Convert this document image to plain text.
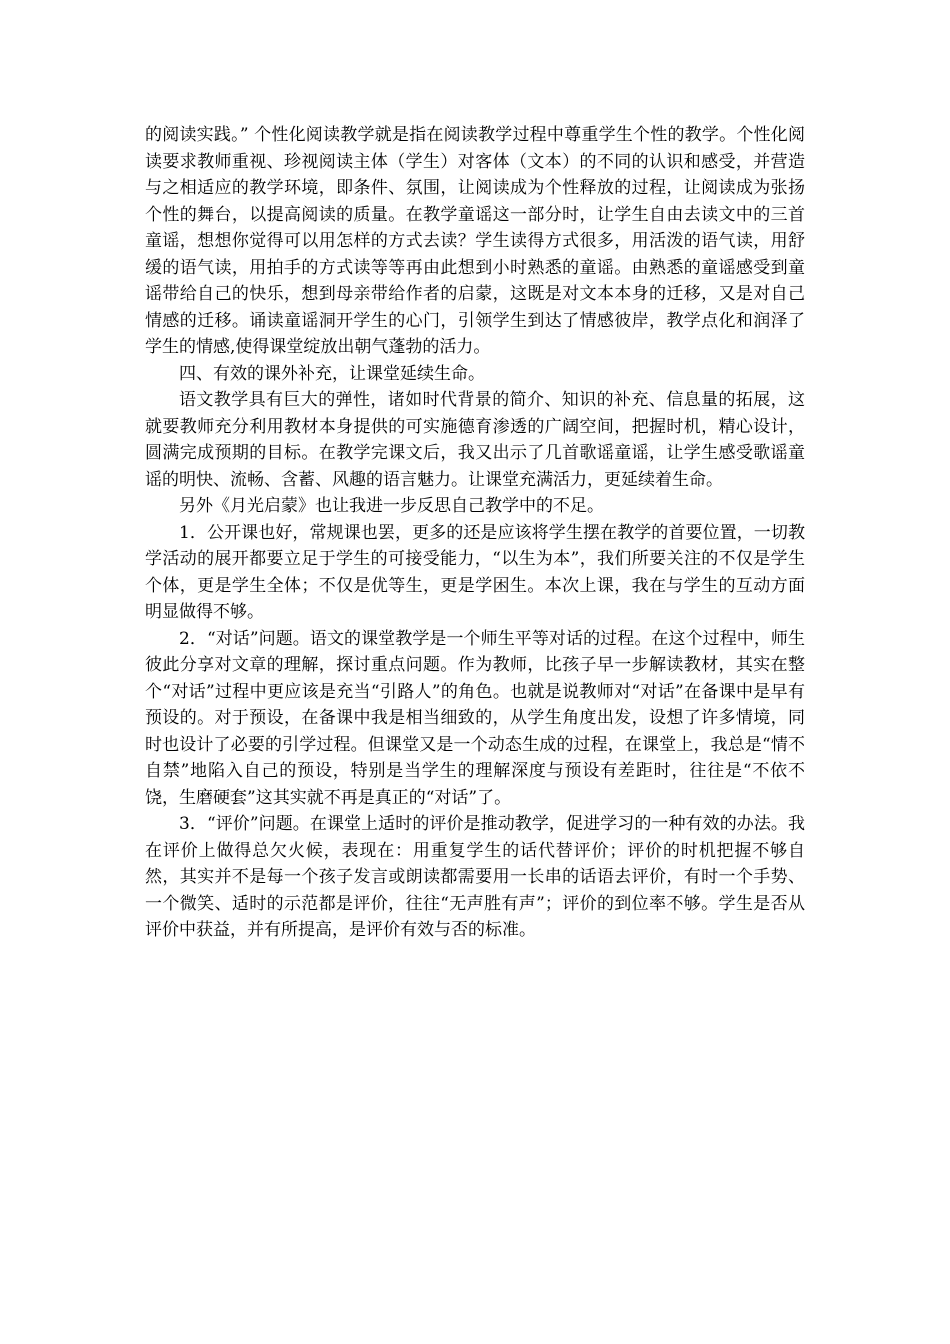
的阅读实践。” 个性化阅读教学就是指在阅读教学过程中尊重学生个性的教学。个性化阅读要求教师重视、珍视阅读主体（学生）对客体（文本）的不同的认识和感受，并营造与之相适应的教学环境，即条件、氛围，让阅读成为个性释放的过程，让阅读成为张扬个性的舞台，以提高阅读的质量。在教学童谣这一部分时，让学生自由去读文中的三首童谣，想想你觉得可以用怎样的方式去读？学生读得方式很多，用活泼的语气读，用舒缓的语气读，用拍手的方式读等等再由此想到小时熟悉的童谣。由熟悉的童谣感受到童谣带给自己的快乐，想到母亲带给作者的启蒙，这既是对文本本身的迁移，又是对自己情感的迁移。诵读童谣洞开学生的心门，引领学生到达了情感彼岸，教学点化和润泽了学生的情感,使得课堂绽放出朝气蓬勃的活力。

四、有效的课外补充，让课堂延续生命。

语文教学具有巨大的弹性，诸如时代背景的简介、知识的补充、信息量的拓展，这就要教师充分利用教材本身提供的可实施德育渗透的广阔空间，把握时机，精心设计，圆满完成预期的目标。在教学完课文后，我又出示了几首歌谣童谣，让学生感受歌谣童谣的明快、流畅、含蓄、风趣的语言魅力。让课堂充满活力，更延续着生命。

另外《月光启蒙》也让我进一步反思自己教学中的不足。

1．公开课也好，常规课也罢，更多的还是应该将学生摆在教学的首要位置，一切教学活动的展开都要立足于学生的可接受能力，“以生为本”，我们所要关注的不仅是学生个体，更是学生全体；不仅是优等生，更是学困生。本次上课，我在与学生的互动方面明显做得不够。

2．“对话”问题。语文的课堂教学是一个师生平等对话的过程。在这个过程中，师生彼此分享对文章的理解，探讨重点问题。作为教师，比孩子早一步解读教材，其实在整个“对话”过程中更应该是充当“引路人”的角色。也就是说教师对“对话”在备课中是早有预设的。对于预设，在备课中我是相当细致的，从学生角度出发，设想了许多情境，同时也设计了必要的引学过程。但课堂又是一个动态生成的过程，在课堂上，我总是“情不自禁”地陷入自己的预设，特别是当学生的理解深度与预设有差距时，往往是“不依不饶，生磨硬套”这其实就不再是真正的“对话”了。

3．“评价”问题。在课堂上适时的评价是推动教学，促进学习的一种有效的办法。我在评价上做得总欠火候，表现在：用重复学生的话代替评价；评价的时机把握不够自然，其实并不是每一个孩子发言或朗读都需要用一长串的话语去评价，有时一个手势、一个微笑、适时的示范都是评价，往往“无声胜有声”；评价的到位率不够。学生是否从评价中获益，并有所提高，是评价有效与否的标准。
